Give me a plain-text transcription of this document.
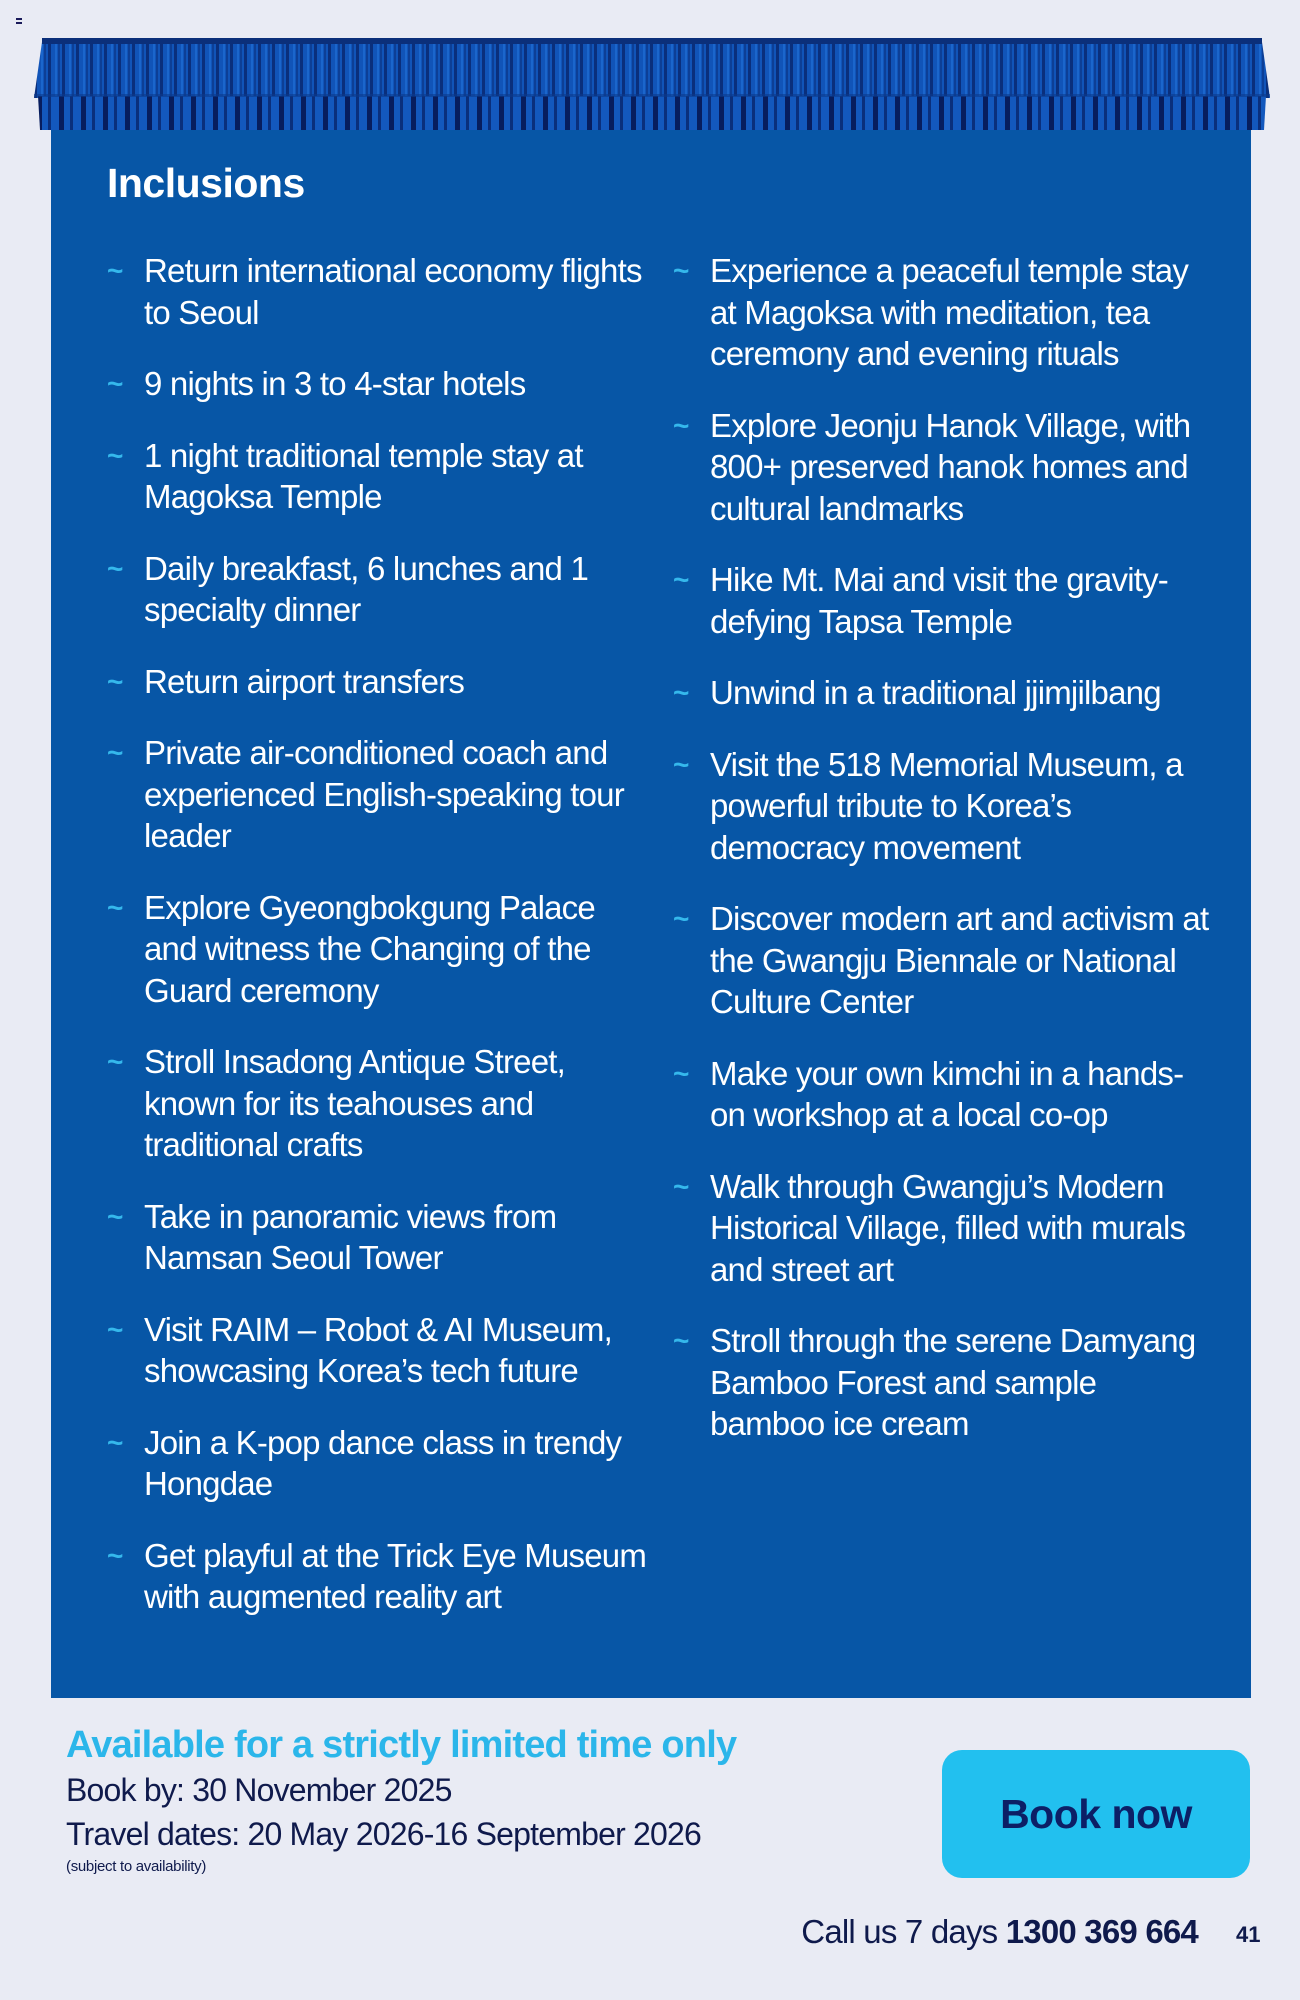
Inclusions
~ Return international economy flights to Seoul
~ 9 nights in 3 to 4-star hotels
~ 1 night traditional temple stay at Magoksa Temple
~ Daily breakfast, 6 lunches and 1 specialty dinner
~ Return airport transfers
~ Private air-conditioned coach and experienced English-speaking tour leader
~ Explore Gyeongbokgung Palace and witness the Changing of the Guard ceremony
~ Stroll Insadong Antique Street, known for its teahouses and traditional crafts
~ Take in panoramic views from Namsan Seoul Tower
~ Visit RAIM – Robot & AI Museum, showcasing Korea’s tech future
~ Join a K-pop dance class in trendy Hongdae
~ Get playful at the Trick Eye Museum with augmented reality art
~ Experience a peaceful temple stay at Magoksa with meditation, tea ceremony and evening rituals
~ Explore Jeonju Hanok Village, with 800+ preserved hanok homes and cultural landmarks
~ Hike Mt. Mai and visit the gravity-defying Tapsa Temple
~ Unwind in a traditional jjimjilbang
~ Visit the 518 Memorial Museum, a powerful tribute to Korea’s democracy movement
~ Discover modern art and activism at the Gwangju Biennale or National Culture Center
~ Make your own kimchi in a hands-on workshop at a local co-op
~ Walk through Gwangju’s Modern Historical Village, filled with murals and street art
~ Stroll through the serene Damyang Bamboo Forest and sample bamboo ice cream
Available for a strictly limited time only
Book by: 30 November 2025
Travel dates: 20 May 2026-16 September 2026
(subject to availability)
Book now
Call us 7 days 1300 369 664 41
